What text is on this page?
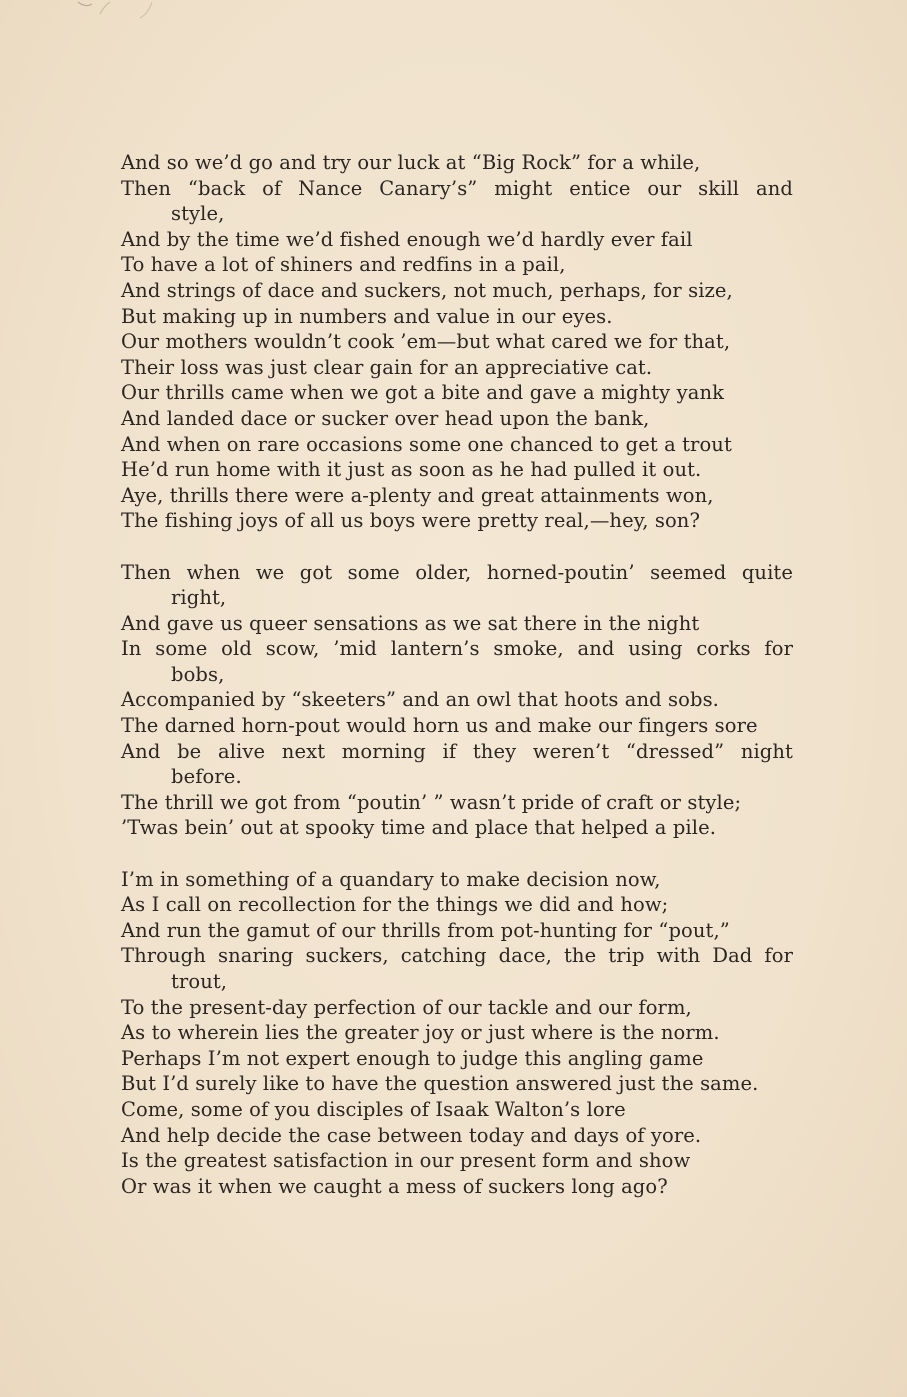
And so we’d go and try our luck at “Big Rock” for a while,
Then “back of Nance Canary’s” might entice our skill and
style,
And by the time we’d fished enough we’d hardly ever fail
To have a lot of shiners and redfins in a pail,
And strings of dace and suckers, not much, perhaps, for size,
But making up in numbers and value in our eyes.
Our mothers wouldn’t cook ’em—but what cared we for that,
Their loss was just clear gain for an appreciative cat.
Our thrills came when we got a bite and gave a mighty yank
And landed dace or sucker over head upon the bank,
And when on rare occasions some one chanced to get a trout
He’d run home with it just as soon as he had pulled it out.
Aye, thrills there were a-plenty and great attainments won,
The fishing joys of all us boys were pretty real,—hey, son?
Then when we got some older, horned-poutin’ seemed quite
right,
And gave us queer sensations as we sat there in the night
In some old scow, ’mid lantern’s smoke, and using corks for
bobs,
Accompanied by “skeeters” and an owl that hoots and sobs.
The darned horn-pout would horn us and make our fingers sore
And be alive next morning if they weren’t “dressed” night
before.
The thrill we got from “poutin’ ” wasn’t pride of craft or style;
’Twas bein’ out at spooky time and place that helped a pile.
I’m in something of a quandary to make decision now,
As I call on recollection for the things we did and how;
And run the gamut of our thrills from pot-hunting for “pout,”
Through snaring suckers, catching dace, the trip with Dad for
trout,
To the present-day perfection of our tackle and our form,
As to wherein lies the greater joy or just where is the norm.
Perhaps I’m not expert enough to judge this angling game
But I’d surely like to have the question answered just the same.
Come, some of you disciples of Isaak Walton’s lore
And help decide the case between today and days of yore.
Is the greatest satisfaction in our present form and show
Or was it when we caught a mess of suckers long ago?
